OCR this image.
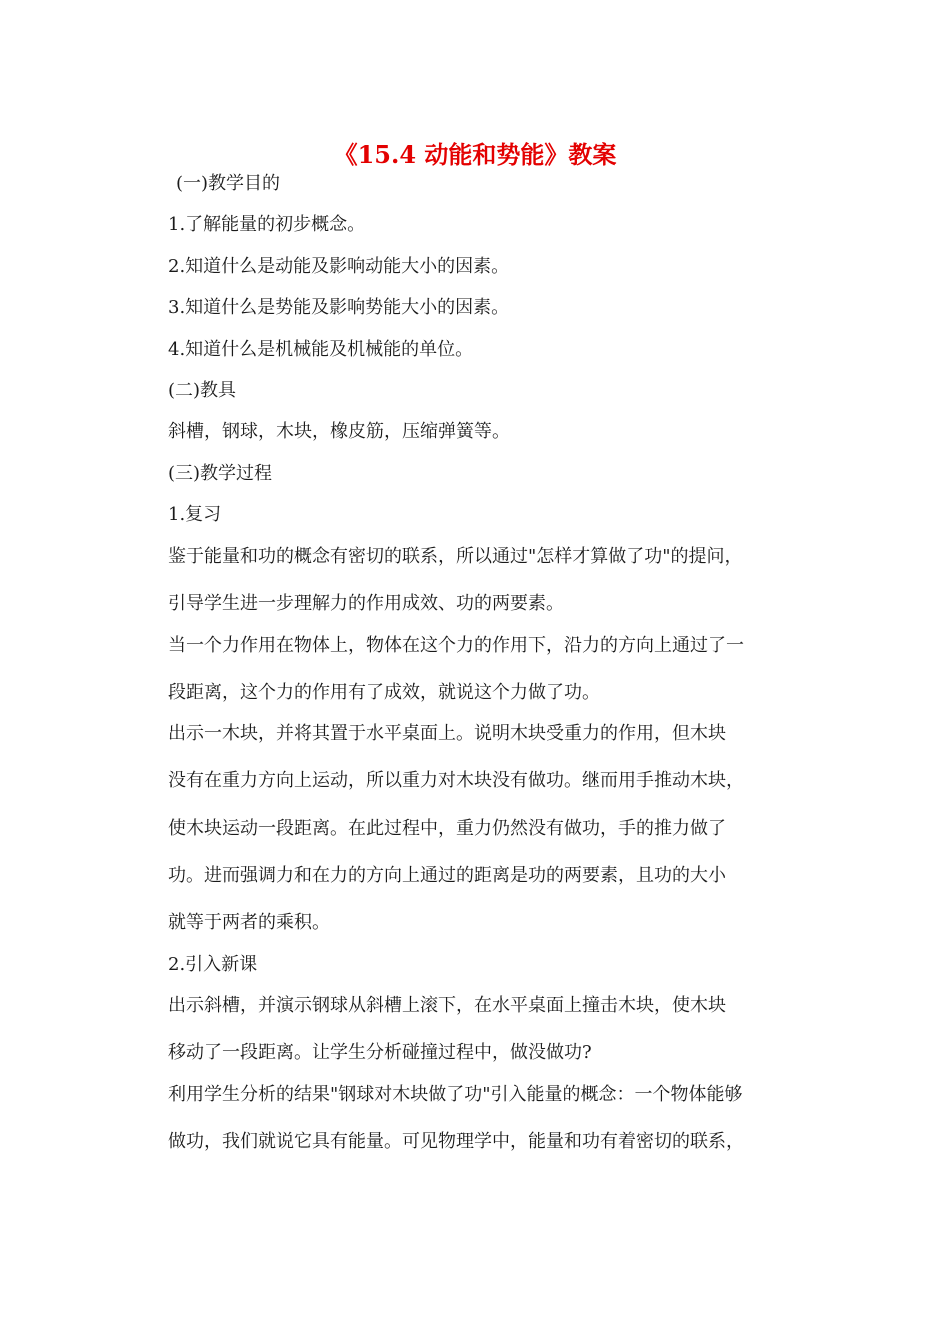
《15.4 动能和势能》教案
(一)教学目的
1.了解能量的初步概念。
2.知道什么是动能及影响动能大小的因素。
3.知道什么是势能及影响势能大小的因素。
4.知道什么是机械能及机械能的单位。
(二)教具
斜槽，钢球，木块，橡皮筋，压缩弹簧等。
(三)教学过程
1.复习
鉴于能量和功的概念有密切的联系，所以通过"怎样才算做了功"的提问，
引导学生进一步理解力的作用成效、功的两要素。
当一个力作用在物体上，物体在这个力的作用下，沿力的方向上通过了一
段距离，这个力的作用有了成效，就说这个力做了功。
出示一木块，并将其置于水平桌面上。说明木块受重力的作用，但木块
没有在重力方向上运动，所以重力对木块没有做功。继而用手推动木块，
使木块运动一段距离。在此过程中，重力仍然没有做功，手的推力做了
功。进而强调力和在力的方向上通过的距离是功的两要素，且功的大小
就等于两者的乘积。
2.引入新课
出示斜槽，并演示钢球从斜槽上滚下，在水平桌面上撞击木块，使木块
移动了一段距离。让学生分析碰撞过程中，做没做功?
利用学生分析的结果"钢球对木块做了功"引入能量的概念：一个物体能够
做功，我们就说它具有能量。可见物理学中，能量和功有着密切的联系，
